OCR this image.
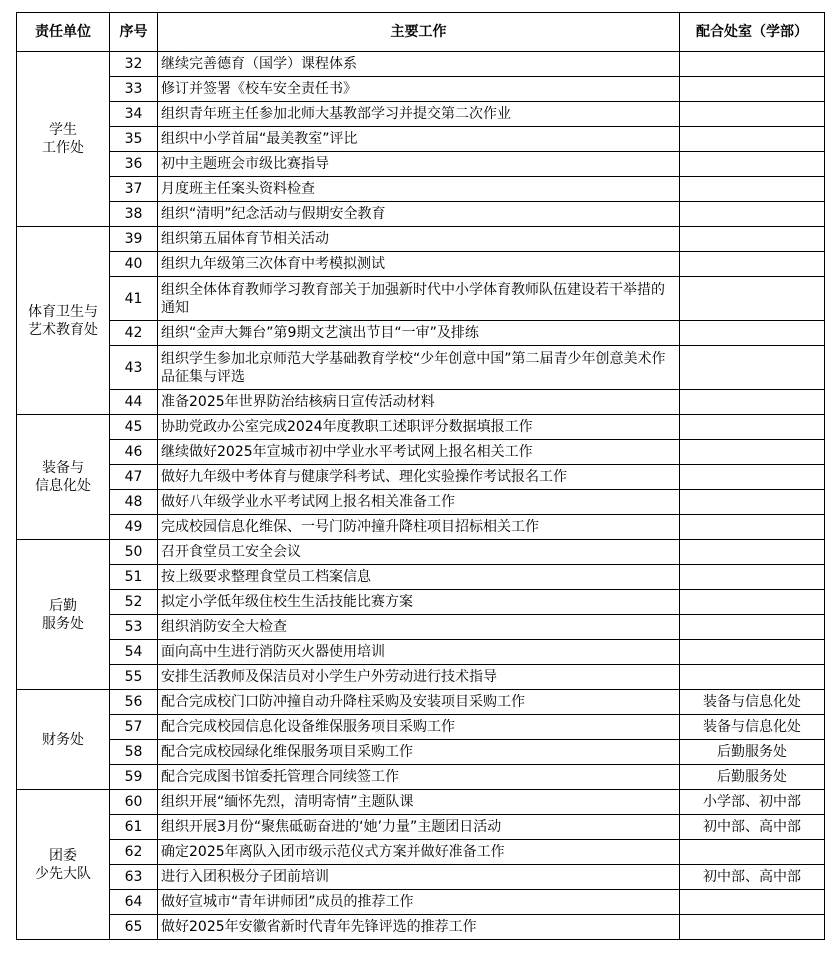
责任单位	序号	主要工作	配合处室（学部）

学生
工作处	32	继续完善德育（国学）课程体系	
	33	修订并签署《校车安全责任书》	
	34	组织青年班主任参加北师大基教部学习并提交第二次作业	
	35	组织中小学首届“最美教室”评比	
	36	初中主题班会市级比赛指导	
	37	月度班主任案头资料检查	
	38	组织“清明”纪念活动与假期安全教育	

体育卫生与
艺术教育处	39	组织第五届体育节相关活动	
	40	组织九年级第三次体育中考模拟测试	
	41	组织全体体育教师学习教育部关于加强新时代中小学体育教师队伍建设若干举措的通知	
	42	组织“金声大舞台”第9期文艺演出节目“一审”及排练	
	43	组织学生参加北京师范大学基础教育学校“少年创意中国”第二届青少年创意美术作品征集与评选	
	44	准备2025年世界防治结核病日宣传活动材料	

装备与
信息化处	45	协助党政办公室完成2024年度教职工述职评分数据填报工作	
	46	继续做好2025年宣城市初中学业水平考试网上报名相关工作	
	47	做好九年级中考体育与健康学科考试、理化实验操作考试报名工作	
	48	做好八年级学业水平考试网上报名相关准备工作	
	49	完成校园信息化维保、一号门防冲撞升降柱项目招标相关工作	

后勤
服务处	50	召开食堂员工安全会议	
	51	按上级要求整理食堂员工档案信息	
	52	拟定小学低年级住校生生活技能比赛方案	
	53	组织消防安全大检查	
	54	面向高中生进行消防灭火器使用培训	
	55	安排生活教师及保洁员对小学生户外劳动进行技术指导	

财务处	56	配合完成校门口防冲撞自动升降柱采购及安装项目采购工作	装备与信息化处
	57	配合完成校园信息化设备维保服务项目采购工作	装备与信息化处
	58	配合完成校园绿化维保服务项目采购工作	后勤服务处
	59	配合完成图书馆委托管理合同续签工作	后勤服务处

团委
少先大队	60	组织开展“缅怀先烈，清明寄情”主题队课	小学部、初中部
	61	组织开展3月份“聚焦砥砺奋进的‘她’力量”主题团日活动	初中部、高中部
	62	确定2025年离队入团市级示范仪式方案并做好准备工作	
	63	进行入团积极分子团前培训	初中部、高中部
	64	做好宣城市“青年讲师团”成员的推荐工作	
	65	做好2025年安徽省新时代青年先锋评选的推荐工作	
